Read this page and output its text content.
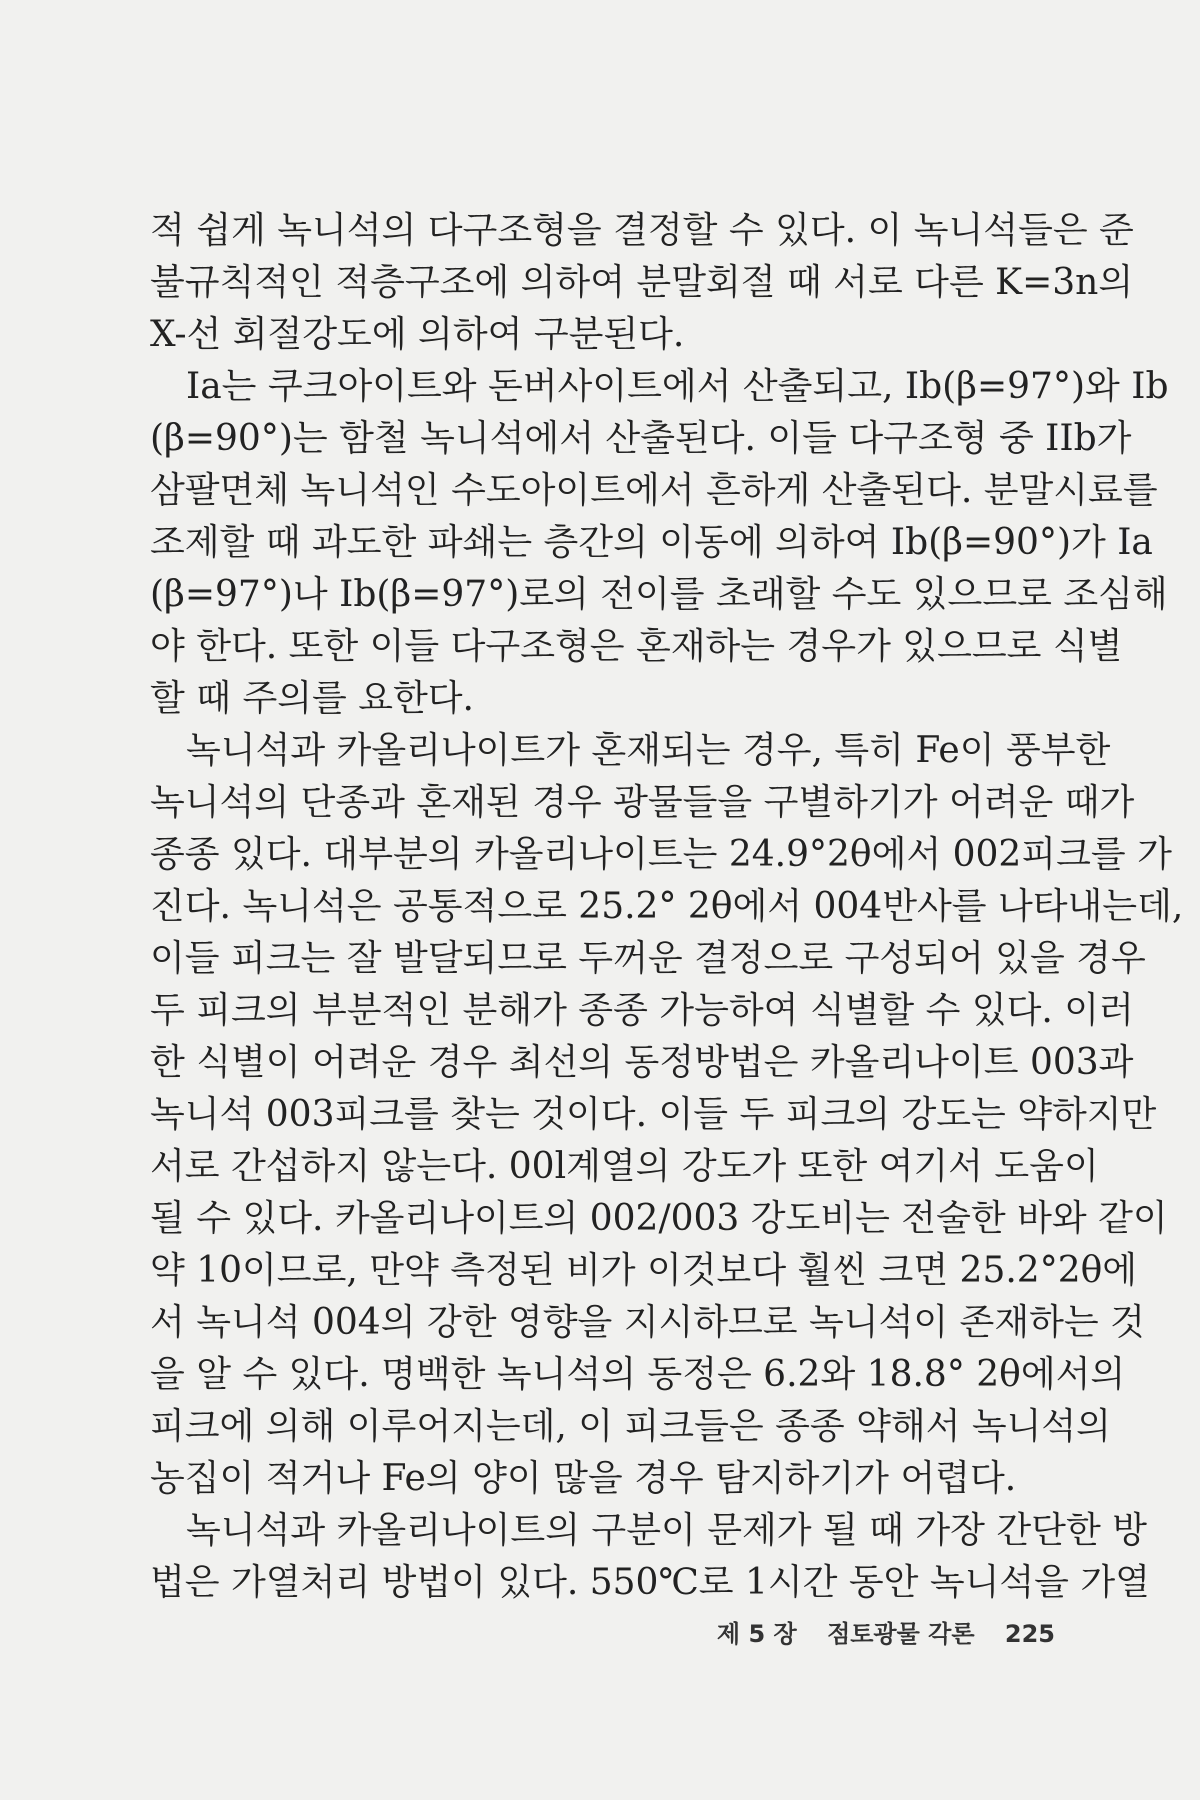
적 쉽게 녹니석의 다구조형을 결정할 수 있다. 이 녹니석들은 준
불규칙적인 적층구조에 의하여 분말회절 때 서로 다른 K=3n의
X-선 회절강도에 의하여 구분된다.
Ia는 쿠크아이트와 돈버사이트에서 산출되고, Ib(β=97°)와 Ib
(β=90°)는 함철 녹니석에서 산출된다. 이들 다구조형 중 IIb가
삼팔면체 녹니석인 수도아이트에서 흔하게 산출된다. 분말시료를
조제할 때 과도한 파쇄는 층간의 이동에 의하여 Ib(β=90°)가 Ia
(β=97°)나 Ib(β=97°)로의 전이를 초래할 수도 있으므로 조심해
야 한다. 또한 이들 다구조형은 혼재하는 경우가 있으므로 식별
할 때 주의를 요한다.
녹니석과 카올리나이트가 혼재되는 경우, 특히 Fe이 풍부한
녹니석의 단종과 혼재된 경우 광물들을 구별하기가 어려운 때가
종종 있다. 대부분의 카올리나이트는 24.9°2θ에서 002피크를 가
진다. 녹니석은 공통적으로 25.2° 2θ에서 004반사를 나타내는데,
이들 피크는 잘 발달되므로 두꺼운 결정으로 구성되어 있을 경우
두 피크의 부분적인 분해가 종종 가능하여 식별할 수 있다. 이러
한 식별이 어려운 경우 최선의 동정방법은 카올리나이트 003과
녹니석 003피크를 찾는 것이다. 이들 두 피크의 강도는 약하지만
서로 간섭하지 않는다. 00l계열의 강도가 또한 여기서 도움이
될 수 있다. 카올리나이트의 002/003 강도비는 전술한 바와 같이
약 10이므로, 만약 측정된 비가 이것보다 훨씬 크면 25.2°2θ에
서 녹니석 004의 강한 영향을 지시하므로 녹니석이 존재하는 것
을 알 수 있다. 명백한 녹니석의 동정은 6.2와 18.8° 2θ에서의
피크에 의해 이루어지는데, 이 피크들은 종종 약해서 녹니석의
농집이 적거나 Fe의 양이 많을 경우 탐지하기가 어렵다.
녹니석과 카올리나이트의 구분이 문제가 될 때 가장 간단한 방
법은 가열처리 방법이 있다. 550℃로 1시간 동안 녹니석을 가열
제 5 장 점토광물 각론 225
